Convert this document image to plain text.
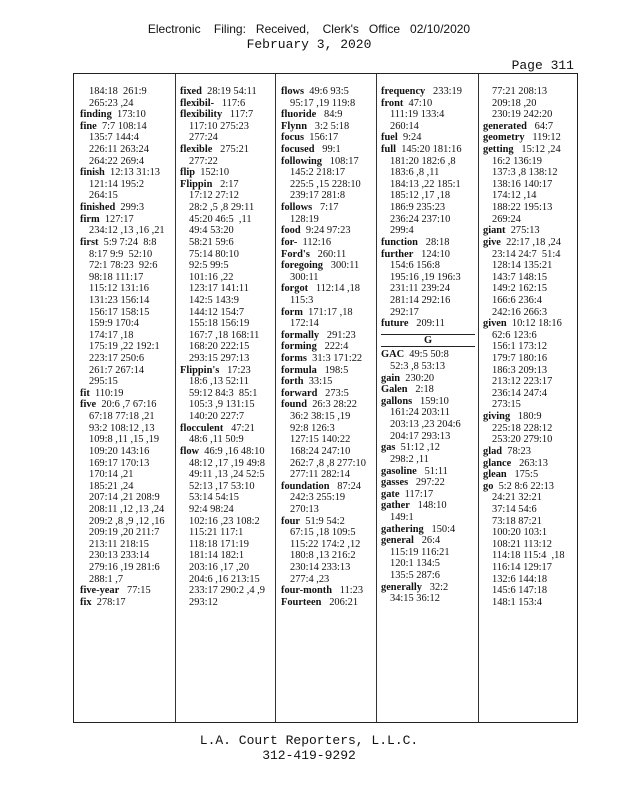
Electronic    Filing:   Received,    Clerk's   Office   02/10/2020
February 3, 2020
Page 311
184:18  261:9
265:23 ,24
finding  173:10
fine  7:7 108:14
135:7 144:4
226:11 263:24
264:22 269:4
finish  12:13 31:13
121:14 195:2
264:15
finished  299:3
firm  127:17
234:12 ,13 ,16 ,21
first  5:9 7:24  8:8
8:17 9:9  52:10
72:1 78:23  92:6
98:18 111:17
115:12 131:16
131:23 156:14
156:17 158:15
159:9 170:4
174:17 ,18
175:19 ,22 192:1
223:17 250:6
261:7 267:14
295:15
fit  110:19
five  20:6 ,7 67:16
67:18 77:18 ,21
93:2 108:12 ,13
109:8 ,11 ,15 ,19
109:20 143:16
169:17 170:13
170:14 ,21
185:21 ,24
207:14 ,21 208:9
208:11 ,12 ,13 ,24
209:2 ,8 ,9 ,12 ,16
209:19 ,20 211:7
213:11 218:15
230:13 233:14
279:16 ,19 281:6
288:1 ,7
five-year   77:15
fix  278:17
fixed  28:19 54:11
flexibil-   117:6
flexibility   117:7
117:10 275:23
277:24
flexible   275:21
277:22
flip  152:10
Flippin   2:17
17:12 27:12
28:2 ,5 ,8 29:11
45:20 46:5  ,11
49:4 53:20
58:21 59:6
75:14 80:10
92:5 99:5
101:16 ,22
123:17 141:11
142:5 143:9
144:12 154:7
155:18 156:19
167:7 ,18 168:11
168:20 222:15
293:15 297:13
Flippin's   17:23
18:6 ,13 52:11
59:12 84:3  85:1
105:3 ,9 131:15
140:20 227:7
flocculent   47:21
48:6 ,11 50:9
flow  46:9 ,16 48:10
48:12 ,17 ,19 49:8
49:11 ,13 ,24 52:5
52:13 ,17 53:10
53:14 54:15
92:4 98:24
102:16 ,23 108:2
115:21 117:1
118:18 171:19
181:14 182:1
203:16 ,17 ,20
204:6 ,16 213:15
233:17 290:2 ,4 ,9
293:12
flows  49:6 93:5
95:17 ,19 119:8
fluoride   84:9
Flynn   3:2 5:18
focus  156:17
focused   99:1
following   108:17
145:2 218:17
225:5 ,15 228:10
239:17 281:8
follows   7:17
128:19
food  9:24 97:23
for-  112:16
Ford's   260:11
foregoing   300:11
300:11
forgot   112:14 ,18
115:3
form  171:17 ,18
172:14
formally   291:23
forming   222:4
forms  31:3 171:22
formula   198:5
forth  33:15
forward   273:5
found  26:3 28:22
36:2 38:15 ,19
92:8 126:3
127:15 140:22
168:24 247:10
262:7 ,8 ,8 277:10
277:11 282:14
foundation   87:24
242:3 255:19
270:13
four  51:9 54:2
67:15 ,18 109:5
115:22 174:2 ,12
180:8 ,13 216:2
230:14 233:13
277:4 ,23
four-month   11:23
Fourteen   206:21
frequency   233:19
front  47:10
111:19 133:4
260:14
fuel  9:24
full  145:20 181:16
181:20 182:6 ,8
183:6 ,8 ,11
184:13 ,22 185:1
185:12 ,17 ,18
186:9 235:23
236:24 237:10
299:4
function   28:18
further   124:10
154:6 156:8
195:16 ,19 196:3
231:11 239:24
281:14 292:16
292:17
future   209:11
G
GAC  49:5 50:8
52:3 ,8 53:13
gain  230:20
Galen   2:18
gallons   159:10
161:24 203:11
203:13 ,23 204:6
204:17 293:13
gas  51:12 ,12
298:2 ,11
gasoline   51:11
gasses   297:22
gate  117:17
gather   148:10
149:1
gathering   150:4
general   26:4
115:19 116:21
120:1 134:5
135:5 287:6
generally   32:2
34:15 36:12
77:21 208:13
209:18 ,20
230:19 242:20
generated   64:7
geometry   119:12
getting   15:12 ,24
16:2 136:19
137:3 ,8 138:12
138:16 140:17
174:12 ,14
188:22 195:13
269:24
giant  275:13
give  22:17 ,18 ,24
23:14 24:7  51:4
128:14 135:21
143:7 148:15
149:2 162:15
166:6 236:4
242:16 266:3
given  10:12 18:16
62:6 123:6
156:1 173:12
179:7 180:16
186:3 209:13
213:12 223:17
236:14 247:4
273:15
giving   180:9
225:18 228:12
253:20 279:10
glad  78:23
glance   263:13
glean   175:5
go  5:2 8:6 22:13
24:21 32:21
37:14 54:6
73:18 87:21
100:20 103:1
108:21 113:12
114:18 115:4  ,18
116:14 129:17
132:6 144:18
145:6 147:18
148:1 153:4
L.A. Court Reporters, L.L.C.
312-419-9292
